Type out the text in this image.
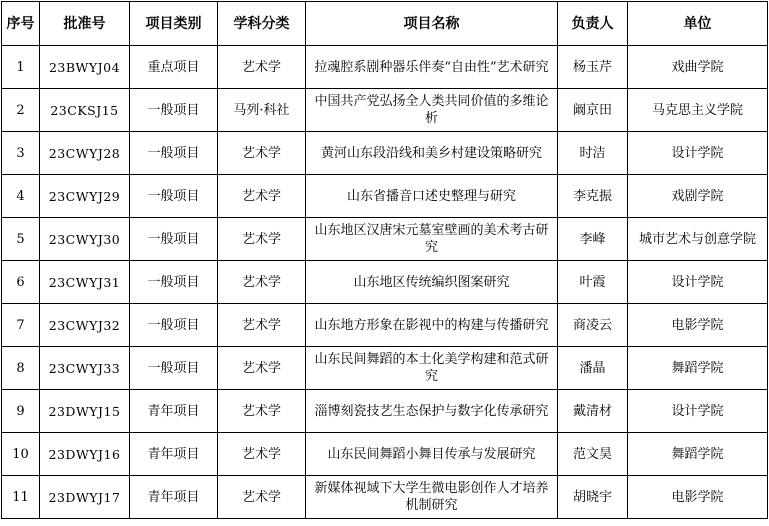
序号	批准号	项目类别	学科分类	项目名称	负责人	单位
1	23BWYJ04	重点项目	艺术学	拉魂腔系剧种器乐伴奏“自由性”艺术研究	杨玉芹	戏曲学院
2	23CKSJ15	一般项目	马列·科社	中国共产党弘扬全人类共同价值的多维论析	阚京田	马克思主义学院
3	23CWYJ28	一般项目	艺术学	黄河山东段沿线和美乡村建设策略研究	时洁	设计学院
4	23CWYJ29	一般项目	艺术学	山东省播音口述史整理与研究	李克振	戏剧学院
5	23CWYJ30	一般项目	艺术学	山东地区汉唐宋元墓室壁画的美术考古研究	李峰	城市艺术与创意学院
6	23CWYJ31	一般项目	艺术学	山东地区传统编织图案研究	叶霞	设计学院
7	23CWYJ32	一般项目	艺术学	山东地方形象在影视中的构建与传播研究	商凌云	电影学院
8	23CWYJ33	一般项目	艺术学	山东民间舞蹈的本土化美学构建和范式研究	潘晶	舞蹈学院
9	23DWYJ15	青年项目	艺术学	淄博刻瓷技艺生态保护与数字化传承研究	戴清材	设计学院
10	23DWYJ16	青年项目	艺术学	山东民间舞蹈小舞目传承与发展研究	范文昊	舞蹈学院
11	23DWYJ17	青年项目	艺术学	新媒体视域下大学生微电影创作人才培养机制研究	胡晓宇	电影学院
